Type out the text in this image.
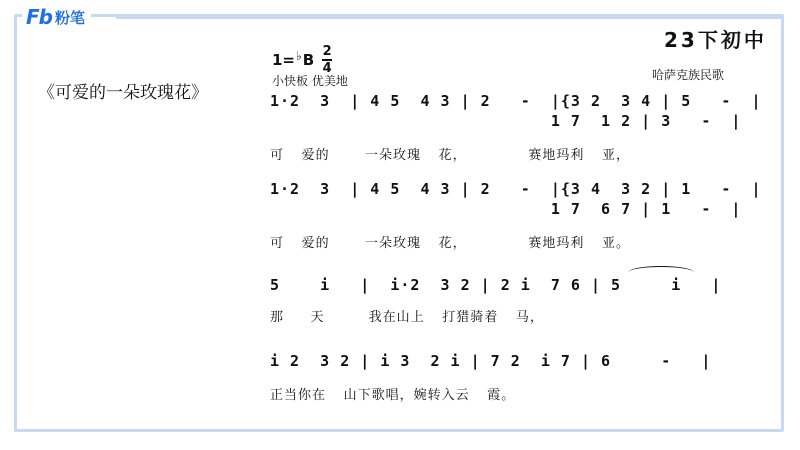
Fb 粉笔
23下初中
《可爱的一朵玫瑰花》
1= ♭ B $\frac{2}{4}$
小快板 优美地	哈萨克族民歌
1·2  3  | 4 5  4 3 | 2   -  |{3 2  3 4 | 5   -  |
1 7  1 2 | 3   -  |
可  爱的    一朵玫瑰  花，       赛地玛利  亚，
1·2  3  | 4 5  4 3 | 2   -  |{3 4  3 2 | 1   -  |
1 7  6 7 | 1   -  |
可  爱的    一朵玫瑰  花，       赛地玛利  亚。
5    i   |  i·2  3 2 | 2 i  7 6 | 5     i   |
那   天     我在山上  打猎骑着  马，
i 2  3 2 | i 3  2 i | 7 2  i 7 | 6     -   |
正当你在  山下歌唱，婉转入云  霞。
